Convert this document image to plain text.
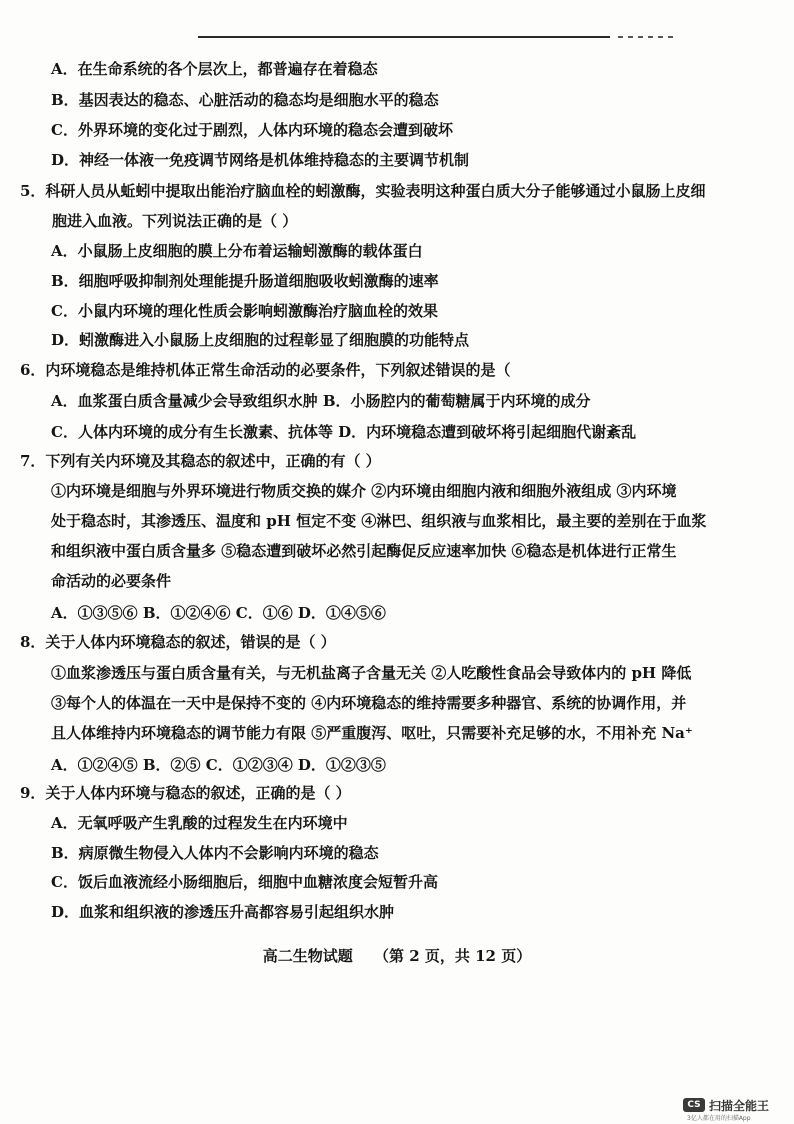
A．在生命系统的各个层次上，都普遍存在着稳态
B．基因表达的稳态、心脏活动的稳态均是细胞水平的稳态
C．外界环境的变化过于剧烈，人体内环境的稳态会遭到破坏
D．神经一体液一免疫调节网络是机体维持稳态的主要调节机制
5．科研人员从蚯蚓中提取出能治疗脑血栓的蚓激酶，实验表明这种蛋白质大分子能够通过小鼠肠上皮细
胞进入血液。下列说法正确的是（ ）
A．小鼠肠上皮细胞的膜上分布着运输蚓激酶的载体蛋白
B．细胞呼吸抑制剂处理能提升肠道细胞吸收蚓激酶的速率
C．小鼠内环境的理化性质会影响蚓激酶治疗脑血栓的效果
D．蚓激酶进入小鼠肠上皮细胞的过程彰显了细胞膜的功能特点
6．内环境稳态是维持机体正常生命活动的必要条件，下列叙述错误的是（
A．血浆蛋白质含量减少会导致组织水肿 B．小肠腔内的葡萄糖属于内环境的成分
C．人体内环境的成分有生长激素、抗体等 D．内环境稳态遭到破坏将引起细胞代谢紊乱
7．下列有关内环境及其稳态的叙述中，正确的有（ ）
①内环境是细胞与外界环境进行物质交换的媒介 ②内环境由细胞内液和细胞外液组成 ③内环境
处于稳态时，其渗透压、温度和 pH 恒定不变 ④淋巴、组织液与血浆相比，最主要的差别在于血浆
和组织液中蛋白质含量多 ⑤稳态遭到破坏必然引起酶促反应速率加快 ⑥稳态是机体进行正常生
命活动的必要条件
A．①③⑤⑥ B．①②④⑥ C．①⑥ D．①④⑤⑥
8．关于人体内环境稳态的叙述，错误的是（ ）
①血浆渗透压与蛋白质含量有关，与无机盐离子含量无关 ②人吃酸性食品会导致体内的 pH 降低
③每个人的体温在一天中是保持不变的 ④内环境稳态的维持需要多种器官、系统的协调作用，并
且人体维持内环境稳态的调节能力有限 ⑤严重腹泻、呕吐，只需要补充足够的水，不用补充 Na⁺
A．①②④⑤ B．②⑤ C．①②③④ D．①②③⑤
9．关于人体内环境与稳态的叙述，正确的是（ ）
A．无氧呼吸产生乳酸的过程发生在内环境中
B．病原微生物侵入人体内不会影响内环境的稳态
C．饭后血液流经小肠细胞后，细胞中血糖浓度会短暂升高
D．血浆和组织液的渗透压升高都容易引起组织水肿
高二生物试题 （第 2 页，共 12 页）
CS 扫描全能王
3亿人都在用的扫描App
